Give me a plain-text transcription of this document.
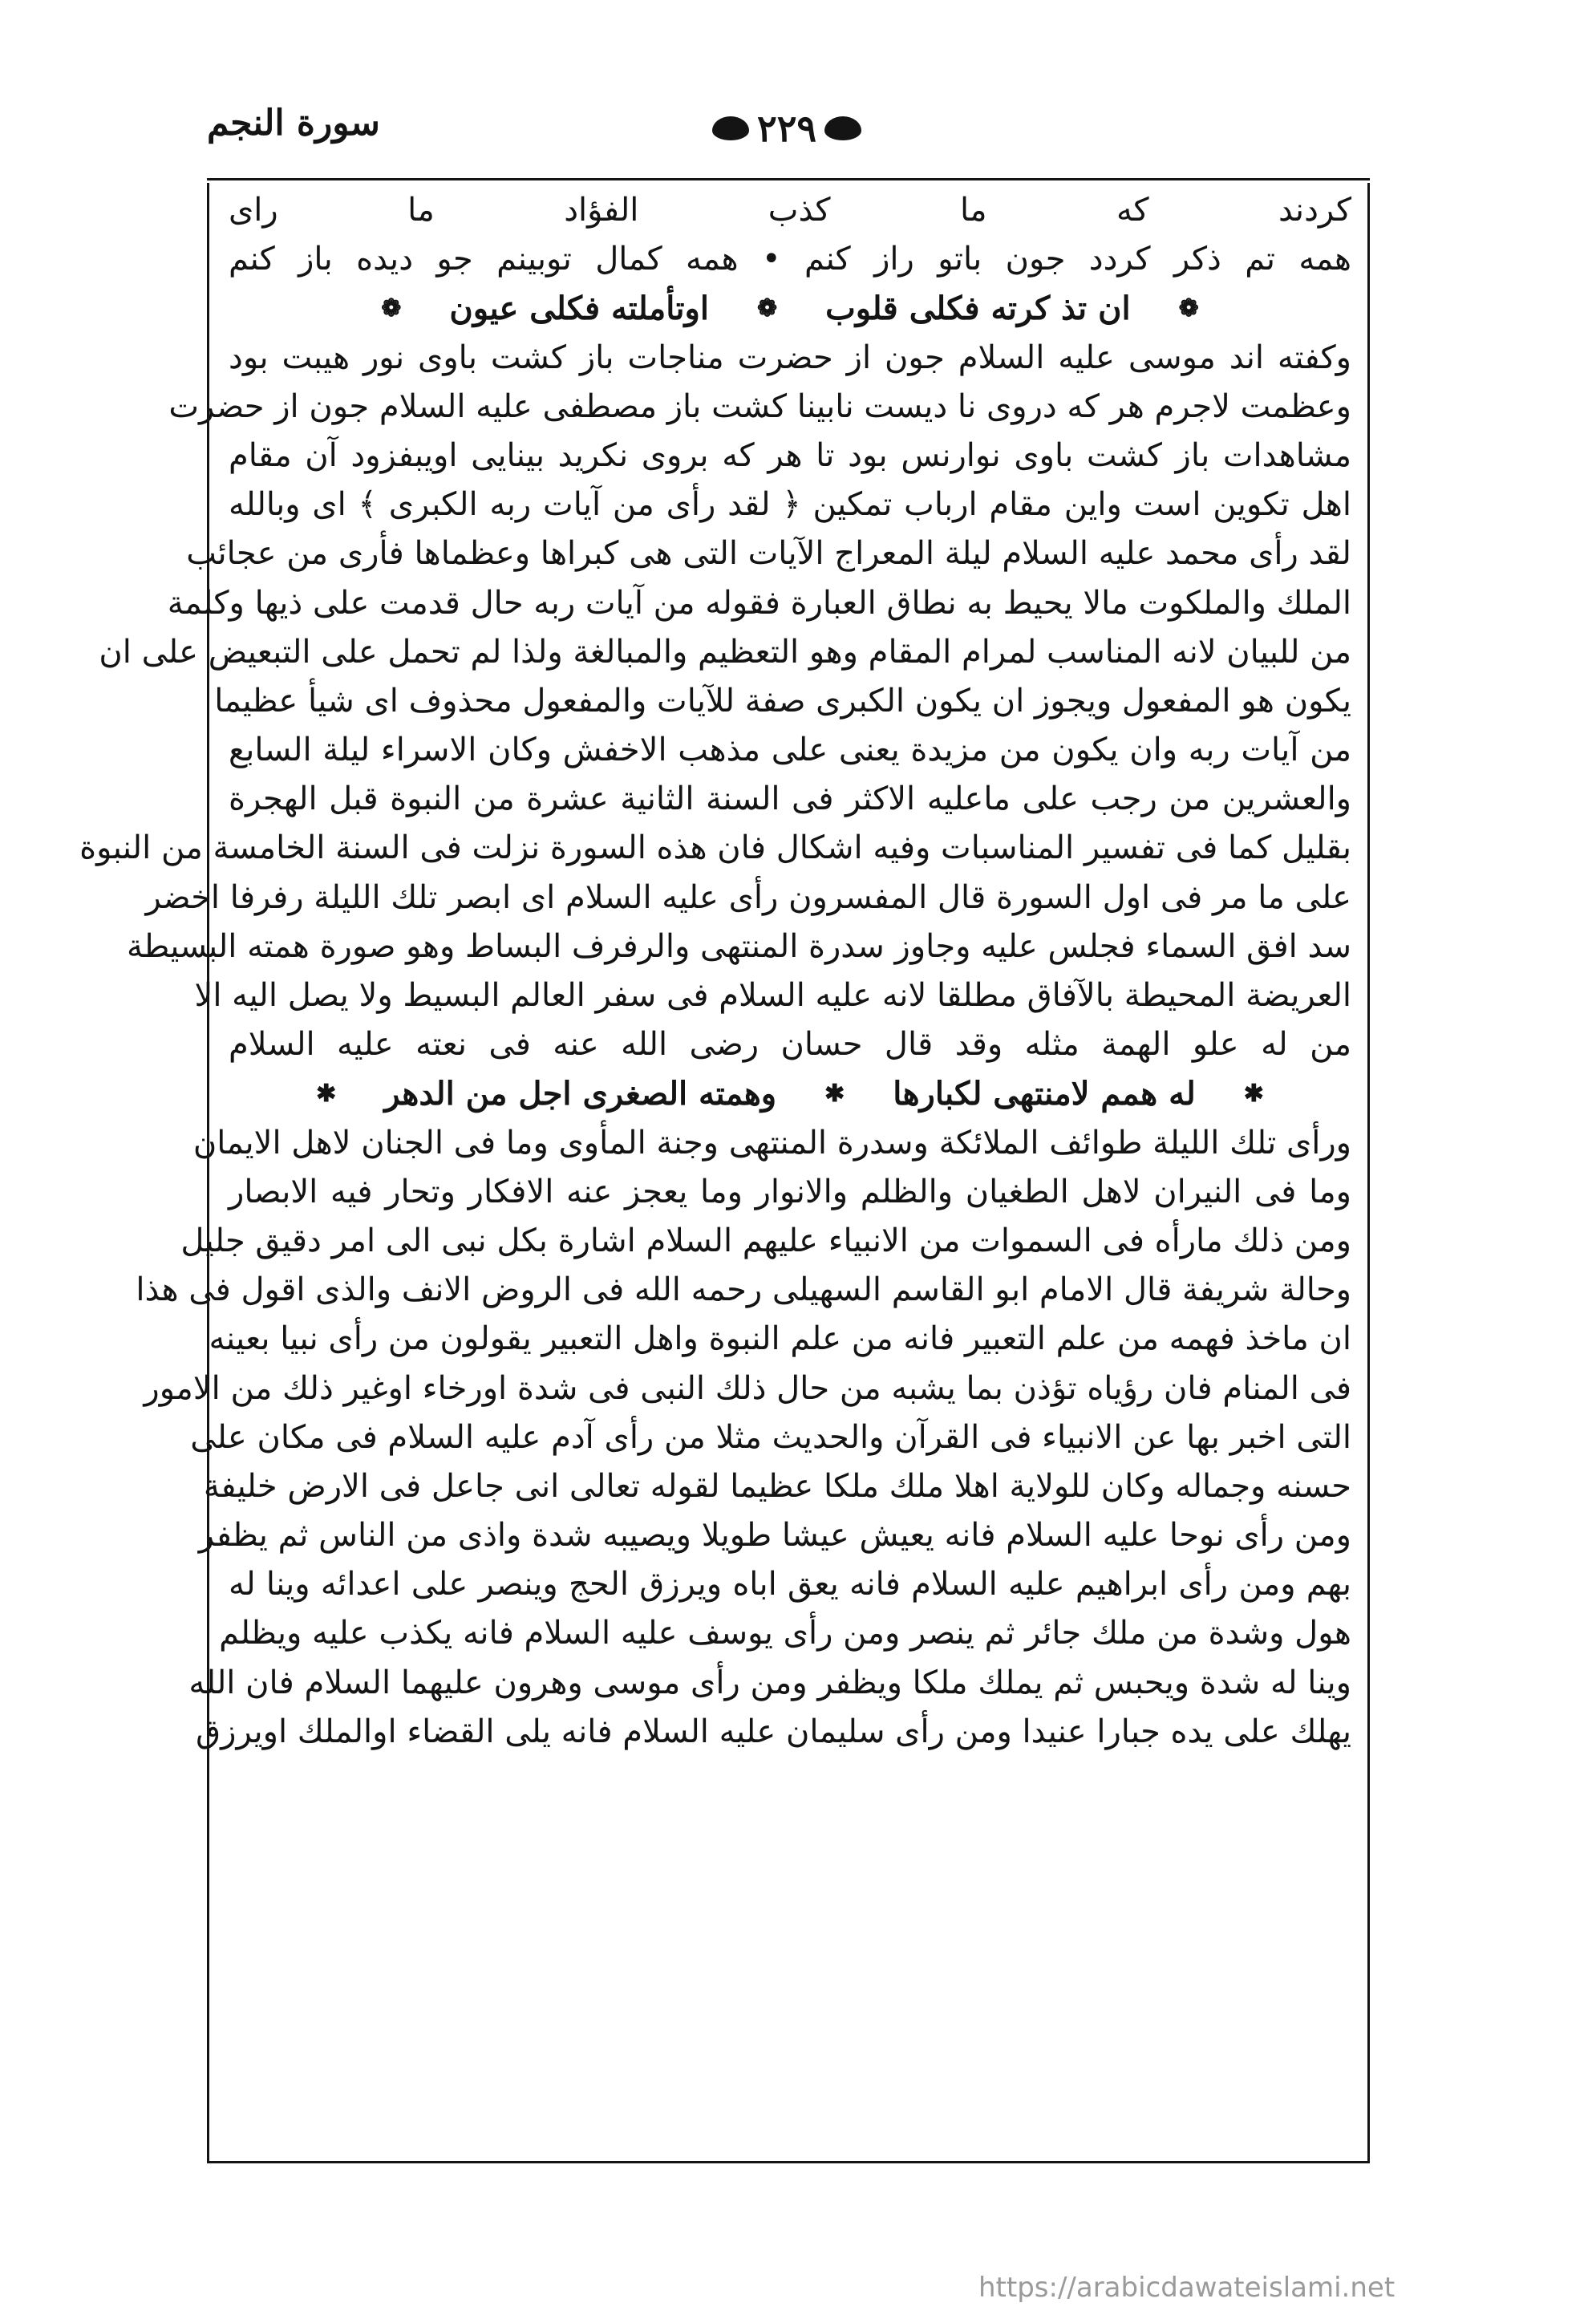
سورة النجم	٢٢٩
كردند كه ما كذب الفؤاد ما راى
همه تم ذكر كردد جون باتو راز كنم • همه كمال توبينم جو ديده باز كنم
❁
ان تذ كرته فكلى قلوب
❁
اوتأملته فكلى عيون
❁
وكفته اند موسى عليه السلام جون از حضرت مناجات باز كشت باوى نور هيبت بود
وعظمت لاجرم هر كه دروى نا ديست نابينا كشت باز مصطفى عليه السلام جون از حضرت
مشاهدات باز كشت باوى نوارنس بود تا هر كه بروى نكريد بينايى اويبفزود آن مقام
اهل تكوين است واين مقام ارباب تمكين ﴿ لقد رأى من آيات ربه الكبرى ﴾ اى وبالله
لقد رأى محمد عليه السلام ليلة المعراج الآيات التى هى كبراها وعظماها فأرى من عجائب
الملك والملكوت مالا يحيط به نطاق العبارة فقوله من آيات ربه حال قدمت على ذيها وكلمة
من للبيان لانه المناسب لمرام المقام وهو التعظيم والمبالغة ولذا لم تحمل على التبعيض على ان
يكون هو المفعول ويجوز ان يكون الكبرى صفة للآيات والمفعول محذوف اى شيأ عظيما
من آيات ربه وان يكون من مزيدة يعنى على مذهب الاخفش وكان الاسراء ليلة السابع
والعشرين من رجب على ماعليه الاكثر فى السنة الثانية عشرة من النبوة قبل الهجرة
بقليل كما فى تفسير المناسبات وفيه اشكال فان هذه السورة نزلت فى السنة الخامسة من النبوة
على ما مر فى اول السورة قال المفسرون رأى عليه السلام اى ابصر تلك الليلة رفرفا اخضر
سد افق السماء فجلس عليه وجاوز سدرة المنتهى والرفرف البساط وهو صورة همته البسيطة
العريضة المحيطة بالآفاق مطلقا لانه عليه السلام فى سفر العالم البسيط ولا يصل اليه الا
من له علو الهمة مثله وقد قال حسان رضى الله عنه فى نعته عليه السلام
✱
له همم لامنتهى لكبارها
✱
وهمته الصغرى اجل من الدهر
✱
ورأى تلك الليلة طوائف الملائكة وسدرة المنتهى وجنة المأوى وما فى الجنان لاهل الايمان
وما فى النيران لاهل الطغيان والظلم والانوار وما يعجز عنه الافكار وتحار فيه الابصار
ومن ذلك مارأه فى السموات من الانبياء عليهم السلام اشارة بكل نبى الى امر دقيق جليل
وحالة شريفة قال الامام ابو القاسم السهيلى رحمه الله فى الروض الانف والذى اقول فى هذا
ان ماخذ فهمه من علم التعبير فانه من علم النبوة واهل التعبير يقولون من رأى نبيا بعينه
فى المنام فان رؤياه تؤذن بما يشبه من حال ذلك النبى فى شدة اورخاء اوغير ذلك من الامور
التى اخبر بها عن الانبياء فى القرآن والحديث مثلا من رأى آدم عليه السلام فى مكان على
حسنه وجماله وكان للولاية اهلا ملك ملكا عظيما لقوله تعالى انى جاعل فى الارض خليفة
ومن رأى نوحا عليه السلام فانه يعيش عيشا طويلا ويصيبه شدة واذى من الناس ثم يظفر
بهم ومن رأى ابراهيم عليه السلام فانه يعق اباه ويرزق الحج وينصر على اعدائه وينا له
هول وشدة من ملك جائر ثم ينصر ومن رأى يوسف عليه السلام فانه يكذب عليه ويظلم
وينا له شدة ويحبس ثم يملك ملكا ويظفر ومن رأى موسى وهرون عليهما السلام فان الله
يهلك على يده جبارا عنيدا ومن رأى سليمان عليه السلام فانه يلى القضاء اوالملك اويرزق
https://arabicdawateislami.net
